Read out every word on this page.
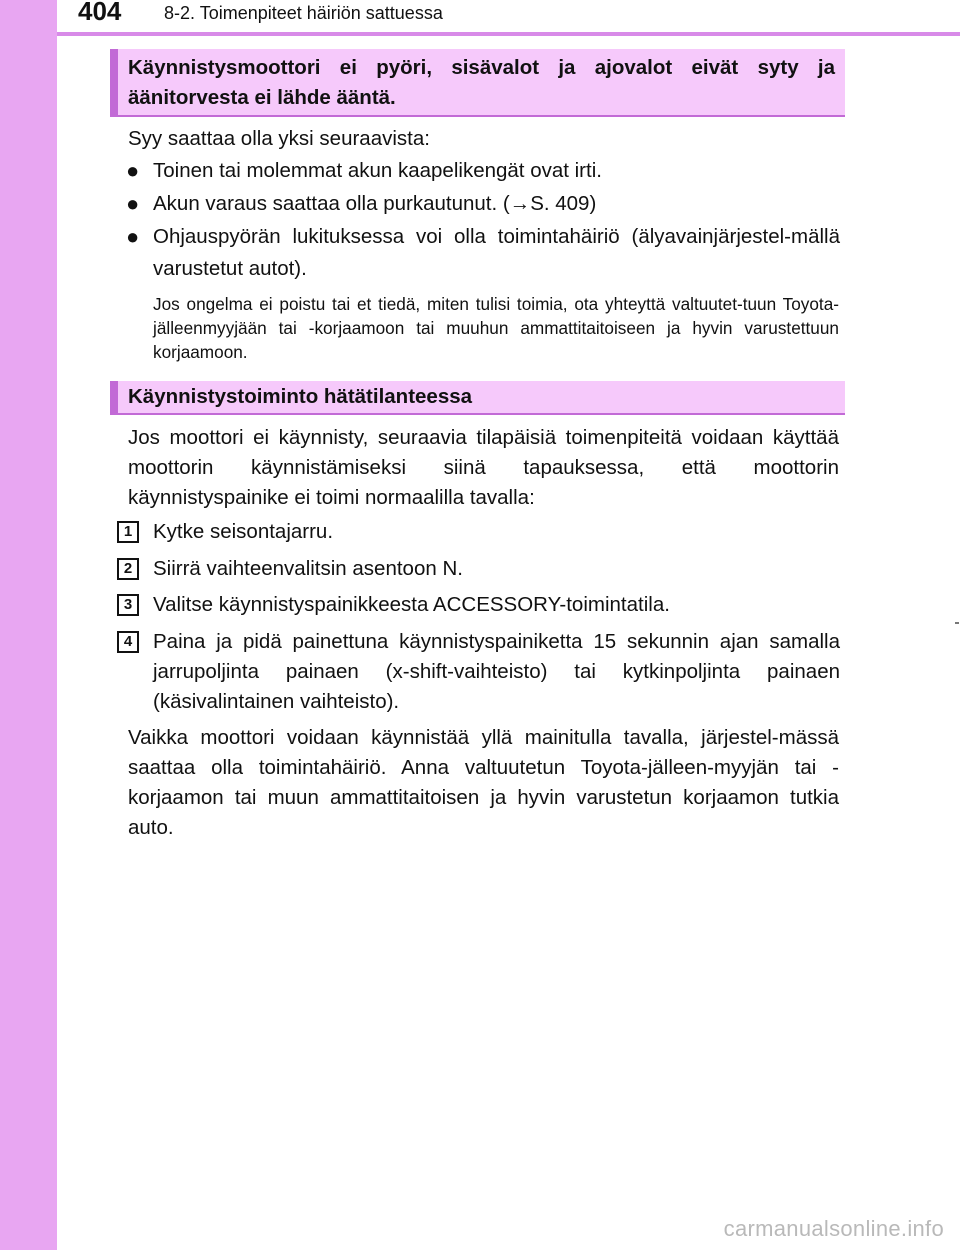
404 8-2. Toimenpiteet häiriön sattuessa
Käynnistysmoottori ei pyöri, sisävalot ja ajovalot eivät syty ja äänitorvesta ei lähde ääntä.
Syy saattaa olla yksi seuraavista:
● Toinen tai molemmat akun kaapelikengät ovat irti.
● Akun varaus saattaa olla purkautunut. (→S. 409)
● Ohjauspyörän lukituksessa voi olla toimintahäiriö (älyavainjärjestel-mällä varustetut autot).
Jos ongelma ei poistu tai et tiedä, miten tulisi toimia, ota yhteyttä valtuutet-tuun Toyota-jälleenmyyjään tai -korjaamoon tai muuhun ammattitaitoiseen ja hyvin varustettuun korjaamoon.
Käynnistystoiminto hätätilanteessa
Jos moottori ei käynnisty, seuraavia tilapäisiä toimenpiteitä voidaan käyttää moottorin käynnistämiseksi siinä tapauksessa, että moottorin käynnistyspainike ei toimi normaalilla tavalla:
1	Kytke seisontajarru.
2	Siirrä vaihteenvalitsin asentoon N.
3	Valitse käynnistyspainikkeesta ACCESSORY-toimintatila.
4	Paina ja pidä painettuna käynnistyspainiketta 15 sekunnin ajan samalla jarrupoljinta painaen (x-shift-vaihteisto) tai kytkinpoljinta painaen (käsivalintainen vaihteisto).
Vaikka moottori voidaan käynnistää yllä mainitulla tavalla, järjestel-mässä saattaa olla toimintahäiriö. Anna valtuutetun Toyota-jälleen-myyjän tai -korjaamon tai muun ammattitaitoisen ja hyvin varustetun korjaamon tutkia auto.
carmanualsonline.info
